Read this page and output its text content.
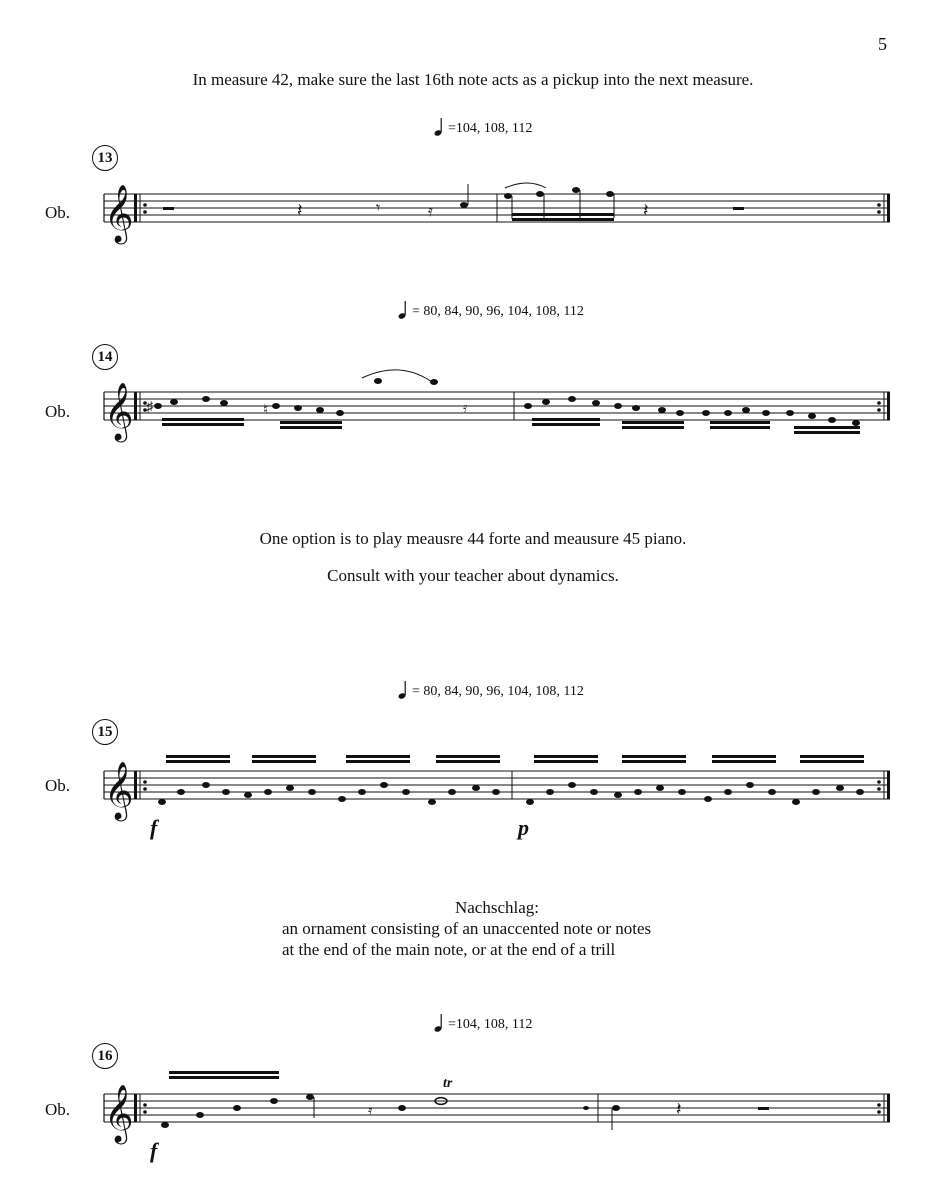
5
In measure 42, make sure the last 16th note acts as a pickup into the next measure.
=104, 108, 112
13
Ob. 𝄞	𝄽	𝄾	𝄿	𝄽
= 80, 84, 90, 96, 104, 108, 112
14
Ob. 𝄞 ♯	♮	𝄿
One option is to play meausre 44 forte and meausure 45 piano.
Consult with your teacher about dynamics.
= 80, 84, 90, 96, 104, 108, 112
15
Ob. 𝄞
f	p
Nachschlag:
an ornament consisting of an unaccented note or notes
at the end of the main note, or at the end of a trill
=104, 108, 112
16
Ob. 𝄞	𝄿
tr
𝄽
f
